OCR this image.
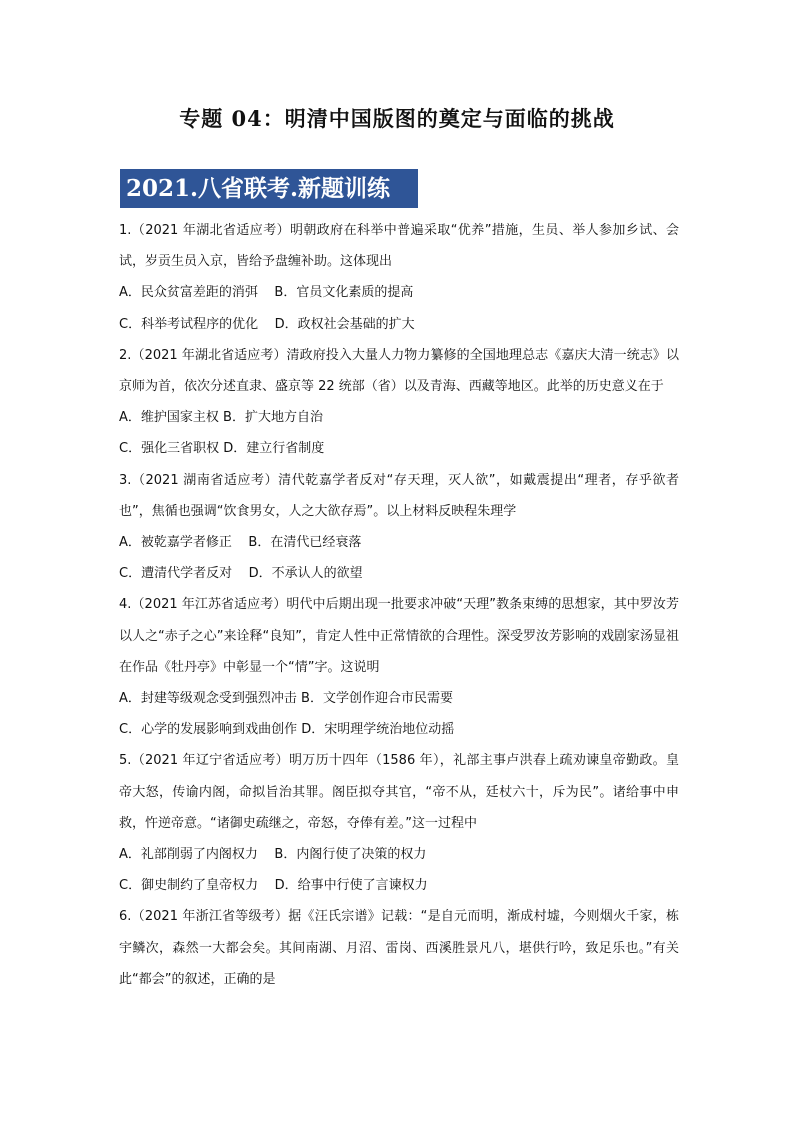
专题 04：明清中国版图的奠定与面临的挑战
2021.八省联考.新题训练

1.（2021 年湖北省适应考）明朝政府在科举中普遍采取“优养”措施，生员、举人参加乡试、会试，岁贡生员入京，皆给予盘缠补助。这体现出

A．民众贫富差距的消弭    B．官员文化素质的提高

C．科举考试程序的优化    D．政权社会基础的扩大

2.（2021 年湖北省适应考）清政府投入大量人力物力纂修的全国地理总志《嘉庆大清一统志》以京师为首，依次分述直隶、盛京等 22 统部（省）以及青海、西藏等地区。此举的历史意义在于

A．维护国家主权 B．扩大地方自治

C．强化三省职权 D．建立行省制度

3.（2021 湖南省适应考）清代乾嘉学者反对“存天理，灭人欲”，如戴震提出“理者，存乎欲者也”，焦循也强调“饮食男女，人之大欲存焉”。以上材料反映程朱理学

A．被乾嘉学者修正    B．在清代已经衰落

C．遭清代学者反对    D．不承认人的欲望

4.（2021 年江苏省适应考）明代中后期出现一批要求冲破“天理”教条束缚的思想家，其中罗汝芳以人之“赤子之心”来诠释“良知”，肯定人性中正常情欲的合理性。深受罗汝芳影响的戏剧家汤显祖在作品《牡丹亭》中彰显一个“情”字。这说明

A．封建等级观念受到强烈冲击 B．文学创作迎合市民需要

C．心学的发展影响到戏曲创作 D．宋明理学统治地位动摇

5.（2021 年辽宁省适应考）明万历十四年（1586 年），礼部主事卢洪春上疏劝谏皇帝勤政。皇帝大怒，传谕内阁，命拟旨治其罪。阁臣拟夺其官，“帝不从，廷杖六十，斥为民”。诸给事中申救，忤逆帝意。“诸御史疏继之，帝怒，夺俸有差。”这一过程中

A．礼部削弱了内阁权力    B．内阁行使了决策的权力

C．御史制约了皇帝权力    D．给事中行使了言谏权力

6.（2021 年浙江省等级考）据《汪氏宗谱》记载：“是自元而明，渐成村墟，今则烟火千家，栋宇鳞次，森然一大都会矣。其间南湖、月沼、雷岗、西溪胜景凡八，堪供行吟，致足乐也。”有关此“都会”的叙述，正确的是
